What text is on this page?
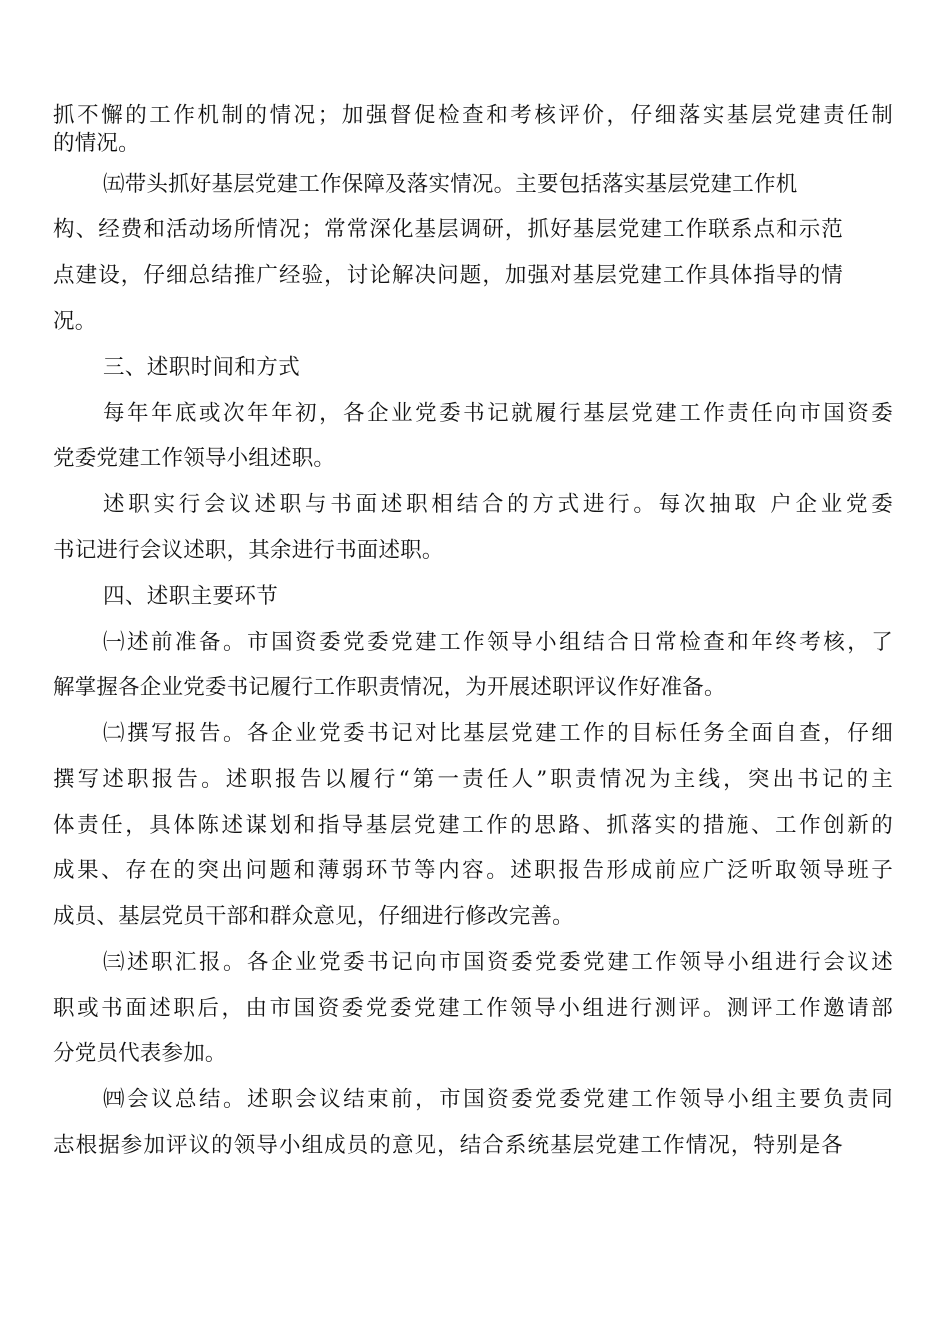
抓不懈的工作机制的情况；加强督促检查和考核评价，仔细落实基层党建责任制
的情况。
㈤带头抓好基层党建工作保障及落实情况。主要包括落实基层党建工作机
构、经费和活动场所情况；常常深化基层调研，抓好基层党建工作联系点和示范
点建设，仔细总结推广经验，讨论解决问题，加强对基层党建工作具体指导的情
况。
三、述职时间和方式
每年年底或次年年初，各企业党委书记就履行基层党建工作责任向市国资委
党委党建工作领导小组述职。
述职实行会议述职与书面述职相结合的方式进行。每次抽取 户企业党委
书记进行会议述职，其余进行书面述职。
四、述职主要环节
㈠述前准备。市国资委党委党建工作领导小组结合日常检查和年终考核，了
解掌握各企业党委书记履行工作职责情况，为开展述职评议作好准备。
㈡撰写报告。各企业党委书记对比基层党建工作的目标任务全面自查，仔细
撰写述职报告。述职报告以履行“第一责任人”职责情况为主线，突出书记的主
体责任，具体陈述谋划和指导基层党建工作的思路、抓落实的措施、工作创新的
成果、存在的突出问题和薄弱环节等内容。述职报告形成前应广泛听取领导班子
成员、基层党员干部和群众意见，仔细进行修改完善。
㈢述职汇报。各企业党委书记向市国资委党委党建工作领导小组进行会议述
职或书面述职后，由市国资委党委党建工作领导小组进行测评。测评工作邀请部
分党员代表参加。
㈣会议总结。述职会议结束前，市国资委党委党建工作领导小组主要负责同
志根据参加评议的领导小组成员的意见，结合系统基层党建工作情况，特别是各
